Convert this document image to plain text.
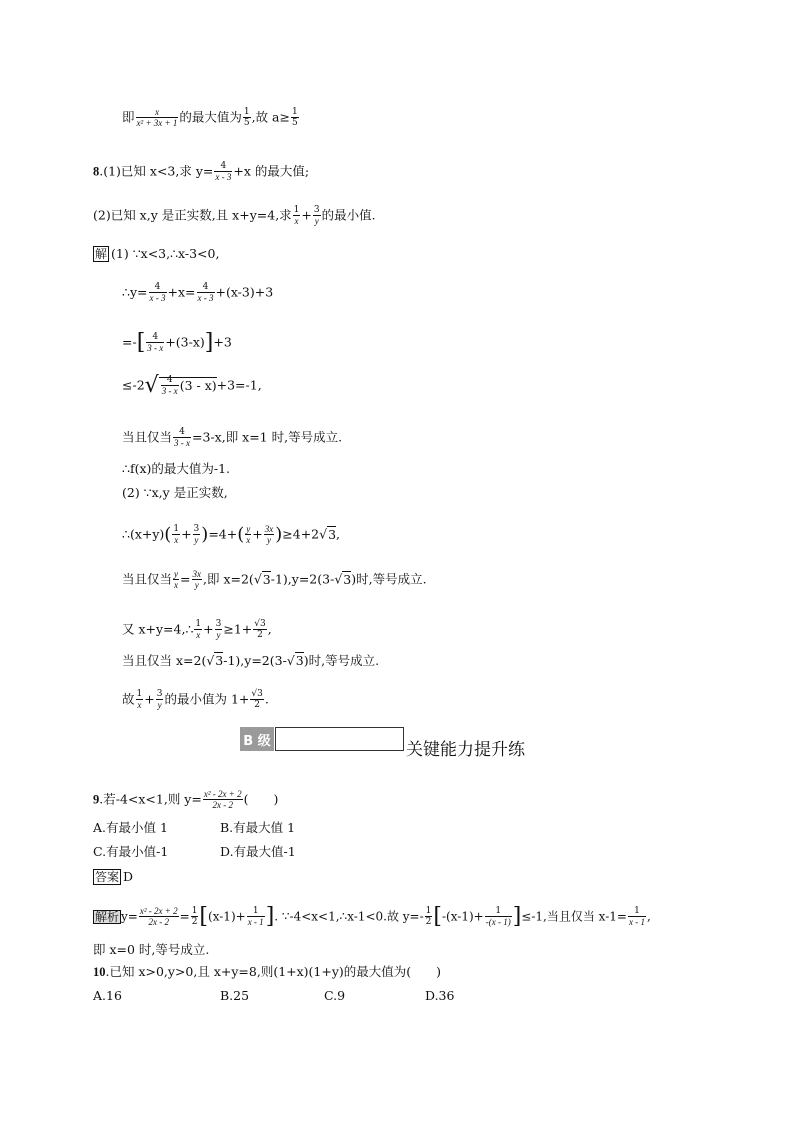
即 $\frac{x}{\text{x² + 3x + 1}}$ 的最大值为 $\frac{1}{5}$ ,故 $a\ge \frac{1}{5}$
8.(1)已知 x<3,求 $y= \frac{4}{x - 3} +x$ 的最大值;
(2)已知 x,y 是正实数,且 x+y=4,求 $\frac{1}{x} + \frac{3}{y}$ 的最小值.
解 (1) ∵x<3,∴x-3<0,
∴y= $\frac{4}{x - 3} +x= \frac{4}{x - 3} +(x-3)+3$
=-[ $\frac{4}{3 - x} +(3-x)]+3$
$\le-2√ \frac{4}{3 - x} (3 - x)+3=-1$,
当且仅当 $\frac{4}{3 - x} =3-x$,即 x=1 时,等号成立.
∴f(x)的最大值为-1.
(2) ∵x,y 是正实数,
∴(x+y)( $\frac{1}{x} + \frac{3}{y} )=4+( \frac{y}{x} + \frac{3x}{y} )\ge 4+2√3$,
当且仅当 $\frac{y}{x} = \frac{3x}{y}$ ,即 x=2(√3-1),y=2(3-√3)时,等号成立.
又 x+y=4,∴ $\frac{1}{x} + \frac{3}{y} \ge 1+ \frac{√3}{2}$ ,
当且仅当 x=2(√3-1),y=2(3-√3)时,等号成立.
故 $\frac{1}{x} + \frac{3}{y}$ 的最小值为 $1+ \frac{√3}{2}$ .
B 级	关键能力提升练
9.若-4<x<1,则 $y= \frac{\text{x² - 2x + 2}}{2x - 2}$ (　　)
A.有最小值 1	B.有最大值 1
C.有最小值-1	D.有最大值-1
答案 D
解析 $y= \frac{\text{x² - 2x + 2}}{2x - 2} = \frac{1}{2} [(x-1)+ \frac{1}{x - 1}$ ]. ∵-4<x<1,∴x-1<0.故 $y=- \frac{1}{2} [-(x-1)+ \frac{1}{-(x - 1)} ]\le-1$,当且仅当 $x-1= \frac{1}{x - 1}$ ,
即 x=0 时,等号成立.
10.已知 x>0,y>0,且 x+y=8,则(1+x)(1+y)的最大值为(　　)
A.16	B.25	C.9	D.36
